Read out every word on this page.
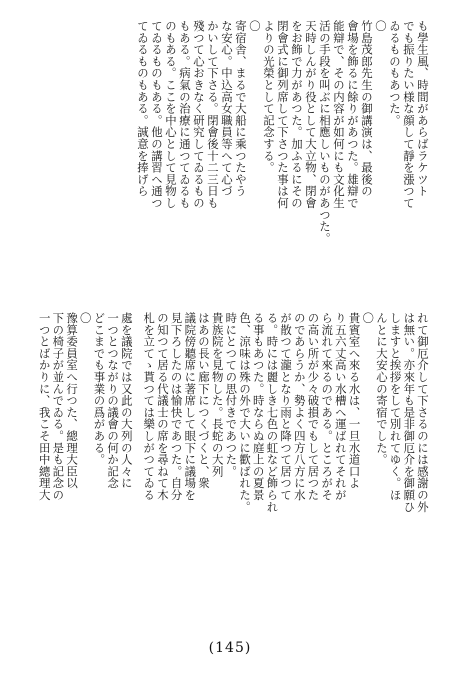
も學生風、時間があらばラケツト
でも振りたい様な顔して靜を漲つて
ゐるものもあつた。
〇
竹島茂郎先生の御講演は、最後の
會場を飾るに餘りがあつた。雄辯で
能辯で、その内容が如何にも文化生
活の手段を叫ぶに相應しいものがあつた。
天時しんがり役として大立物、閉會
をお飾で力があつた。加ふるにその
閉會式に御列席して下さつた事は何
よりの光榮として記念する。
〇
寄宿舎、まるで大船に乘つたやう
な安心。中込高女職員等へて心づ
かいして下さる。閉會後十二三日も
殘つて心おきなく研究してゐるもの
もある。病氣の治療に通つてゐるも
のもある。ここを中心として見物し
てゐるものもある。他の講習へ通つ
てゐるものもある。誠意を捧げら
れて御厄介して下さるのには感謝の外
は無い。亦來年も是非御厄介を御願ひ
しますと挨拶をして別れてゆく。ほ
んとに大安心の寄宿でした。
〇
貴賓室へ來る水は、一旦水道口よ
り五六丈高い水槽へ運ばれてそれが
ら流れて來るのである。ところがそ
の高い所が少々破損でもして居つた
のであらうか、勢よく四方八方に水
が散つて瀧となり雨と降つて居つて
る。時には麗しき七色の虹など飾られ
る事もあつた。時ならぬ庭上の夏景
色、涼味は殊の外で大いに歡ばれた。
時にとつての思付きであつた。
貴族院を見物した。長蛇の大列
はあの長い廊下につくづくと、衆
議院傍聽席に著席して眼下に議場を
見下ろしたのは愉快であつた。自分
の知つて居る代議士の席を尋ねて木
札を立てゝ貰つては樂しがつてゐる
處を議院では又此の大列の人々に
一つとつながりの議會の何か記念
どこまでも事業の爲がある。
〇
豫算委員室へ行つた、總理大臣以
下の椅子が並んでゐる。是も記念の
一つとばかりに、我こそ田中總理大
(145)
